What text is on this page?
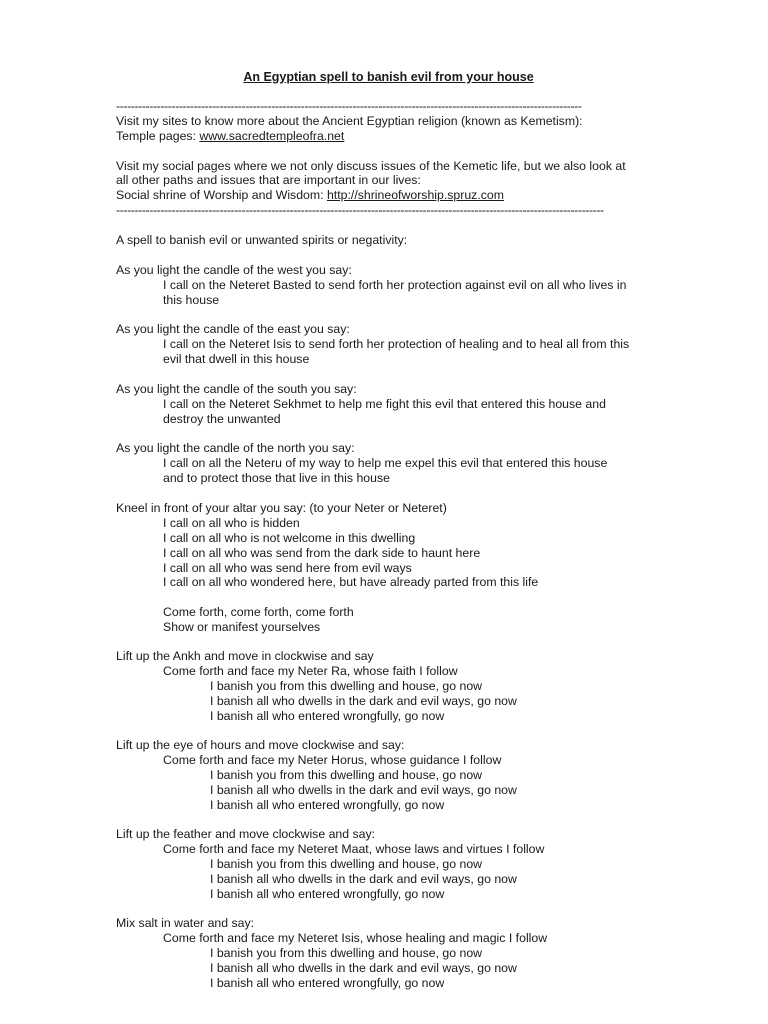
An Egyptian spell to banish evil from your house
------------------------------------------------------------------------------------------------------------------------------
Visit my sites to know more about the Ancient Egyptian religion (known as Kemetism):
Temple pages: www.sacredtempleofra.net
Visit my social pages where we not only discuss issues of the Kemetic life, but we also look at
all other paths and issues that are important in our lives:
Social shrine of Worship and Wisdom: http://shrineofworship.spruz.com
------------------------------------------------------------------------------------------------------------------------------------
A spell to banish evil or unwanted spirits or negativity:
As you light the candle of the west you say:
I call on the Neteret Basted to send forth her protection against evil on all who lives in
this house
As you light the candle of the east you say:
I call on the Neteret Isis to send forth her protection of healing and to heal all from this
evil that dwell in this house
As you light the candle of the south you say:
I call on the Neteret Sekhmet to help me fight this evil that entered this house and
destroy the unwanted
As you light the candle of the north you say:
I call on all the Neteru of my way to help me expel this evil that entered this house
and to protect those that live in this house
Kneel in front of your altar you say: (to your Neter or Neteret)
I call on all who is hidden
I call on all who is not welcome in this dwelling
I call on all who was send from the dark side to haunt here
I call on all who was send here from evil ways
I call on all who wondered here, but have already parted from this life
Come forth, come forth, come forth
Show or manifest yourselves
Lift up the Ankh and move in clockwise and say
Come forth and face my Neter Ra, whose faith I follow
I banish you from this dwelling and house, go now
I banish all who dwells in the dark and evil ways, go now
I banish all who entered wrongfully, go now
Lift up the eye of hours and move clockwise and say:
Come forth and face my Neter Horus, whose guidance I follow
I banish you from this dwelling and house, go now
I banish all who dwells in the dark and evil ways, go now
I banish all who entered wrongfully, go now
Lift up the feather and move clockwise and say:
Come forth and face my Neteret Maat, whose laws and virtues I follow
I banish you from this dwelling and house, go now
I banish all who dwells in the dark and evil ways, go now
I banish all who entered wrongfully, go now
Mix salt in water and say:
Come forth and face my Neteret Isis, whose healing and magic I follow
I banish you from this dwelling and house, go now
I banish all who dwells in the dark and evil ways, go now
I banish all who entered wrongfully, go now
